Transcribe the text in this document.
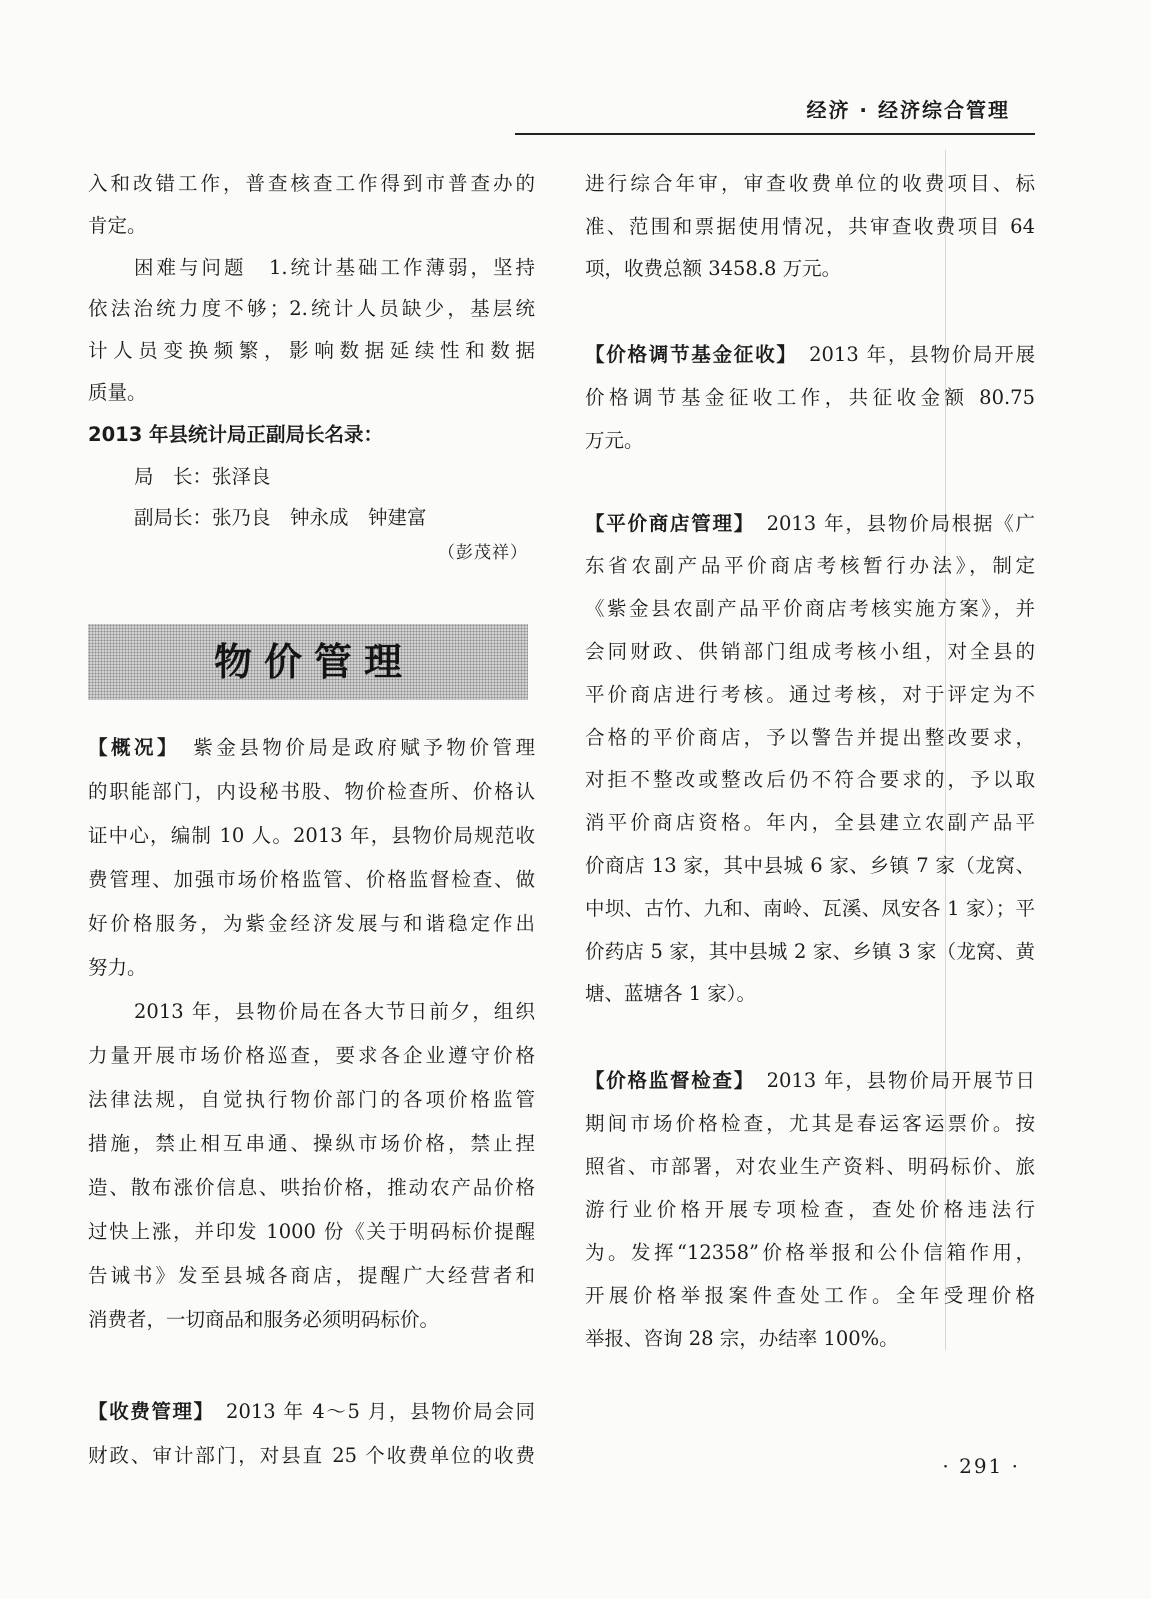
经济 · 经济综合管理
入和改错工作，普查核查工作得到市普查办的
肯定。
困难与问题　1.统计基础工作薄弱，坚持
依法治统力度不够；2.统计人员缺少，基层统
计人员变换频繁，影响数据延续性和数据
质量。
2013 年县统计局正副局长名录：
局　长：张泽良
副局长：张乃良　钟永成　钟建富
（彭茂祥）
物价管理
【概况】　紫金县物价局是政府赋予物价管理
的职能部门，内设秘书股、物价检查所、价格认
证中心，编制 10 人。2013 年，县物价局规范收
费管理、加强市场价格监管、价格监督检查、做
好价格服务，为紫金经济发展与和谐稳定作出
努力。
2013 年，县物价局在各大节日前夕，组织
力量开展市场价格巡查，要求各企业遵守价格
法律法规，自觉执行物价部门的各项价格监管
措施，禁止相互串通、操纵市场价格，禁止捏
造、散布涨价信息、哄抬价格，推动农产品价格
过快上涨，并印发 1000 份《关于明码标价提醒
告诫书》发至县城各商店，提醒广大经营者和
消费者，一切商品和服务必须明码标价。
【收费管理】　2013 年 4～5 月，县物价局会同
财政、审计部门，对县直 25 个收费单位的收费
进行综合年审，审查收费单位的收费项目、标
准、范围和票据使用情况，共审查收费项目 64
项，收费总额 3458.8 万元。
【价格调节基金征收】　2013 年，县物价局开展
价格调节基金征收工作，共征收金额 80.75
万元。
【平价商店管理】　2013 年，县物价局根据《广
东省农副产品平价商店考核暂行办法》，制定
《紫金县农副产品平价商店考核实施方案》，并
会同财政、供销部门组成考核小组，对全县的
平价商店进行考核。通过考核，对于评定为不
合格的平价商店，予以警告并提出整改要求，
对拒不整改或整改后仍不符合要求的，予以取
消平价商店资格。年内，全县建立农副产品平
价商店 13 家，其中县城 6 家、乡镇 7 家（龙窝、
中坝、古竹、九和、南岭、瓦溪、凤安各 1 家）；平
价药店 5 家，其中县城 2 家、乡镇 3 家（龙窝、黄
塘、蓝塘各 1 家）。
【价格监督检查】　2013 年，县物价局开展节日
期间市场价格检查，尤其是春运客运票价。按
照省、市部署，对农业生产资料、明码标价、旅
游行业价格开展专项检查，查处价格违法行
为。发挥“12358”价格举报和公仆信箱作用，
开展价格举报案件查处工作。全年受理价格
举报、咨询 28 宗，办结率 100%。
· 291 ·
